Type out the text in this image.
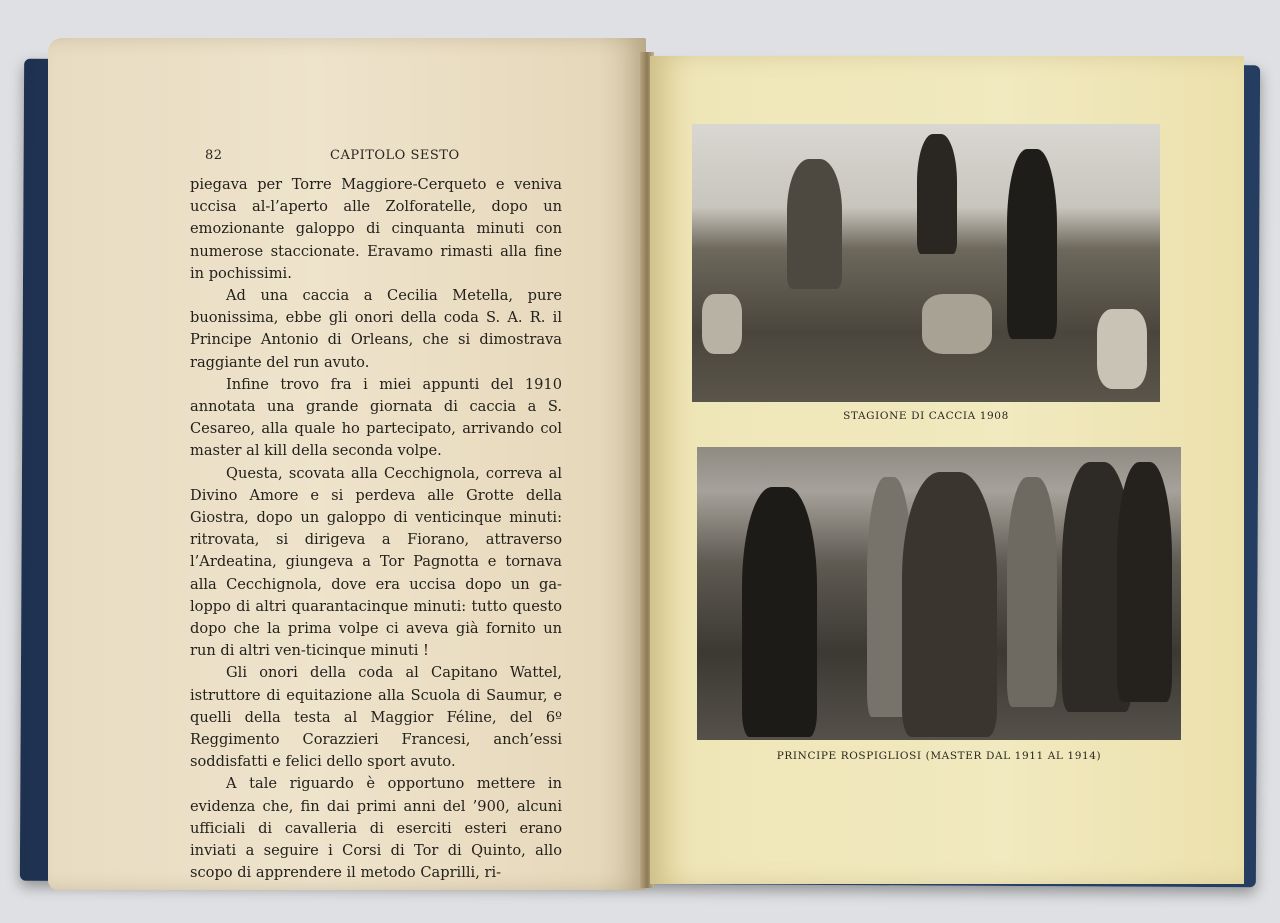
82	CAPITOLO SESTO

piegava per Torre Maggiore-Cerqueto e veniva uccisa al-l’aperto alle Zolforatelle, dopo un emozionante galoppo di cinquanta minuti con numerose staccionate. Eravamo rimasti alla fine in pochissimi.

Ad una caccia a Cecilia Metella, pure buonissima, ebbe gli onori della coda S. A. R. il Principe Antonio di Orleans, che si dimostrava raggiante del run avuto.

Infine trovo fra i miei appunti del 1910 annotata una grande giornata di caccia a S. Cesareo, alla quale ho partecipato, arrivando col master al kill della seconda volpe.

Questa, scovata alla Cecchignola, correva al Divino Amore e si perdeva alle Grotte della Giostra, dopo un galoppo di venticinque minuti: ritrovata, si dirigeva a Fiorano, attraverso l’Ardeatina, giungeva a Tor Pagnotta e tornava alla Cecchignola, dove era uccisa dopo un ga-loppo di altri quarantacinque minuti: tutto questo dopo che la prima volpe ci aveva già fornito un run di altri ven-ticinque minuti !

Gli onori della coda al Capitano Wattel, istruttore di equitazione alla Scuola di Saumur, e quelli della testa al Maggior Féline, del 6º Reggimento Corazzieri Francesi, anch’essi soddisfatti e felici dello sport avuto.

A tale riguardo è opportuno mettere in evidenza che, fin dai primi anni del ’900, alcuni ufficiali di cavalleria di eserciti esteri erano inviati a seguire i Corsi di Tor di Quinto, allo scopo di apprendere il metodo Caprilli, ri-

STAGIONE DI CACCIA 1908
PRINCIPE ROSPIGLIOSI (MASTER DAL 1911 AL 1914)
